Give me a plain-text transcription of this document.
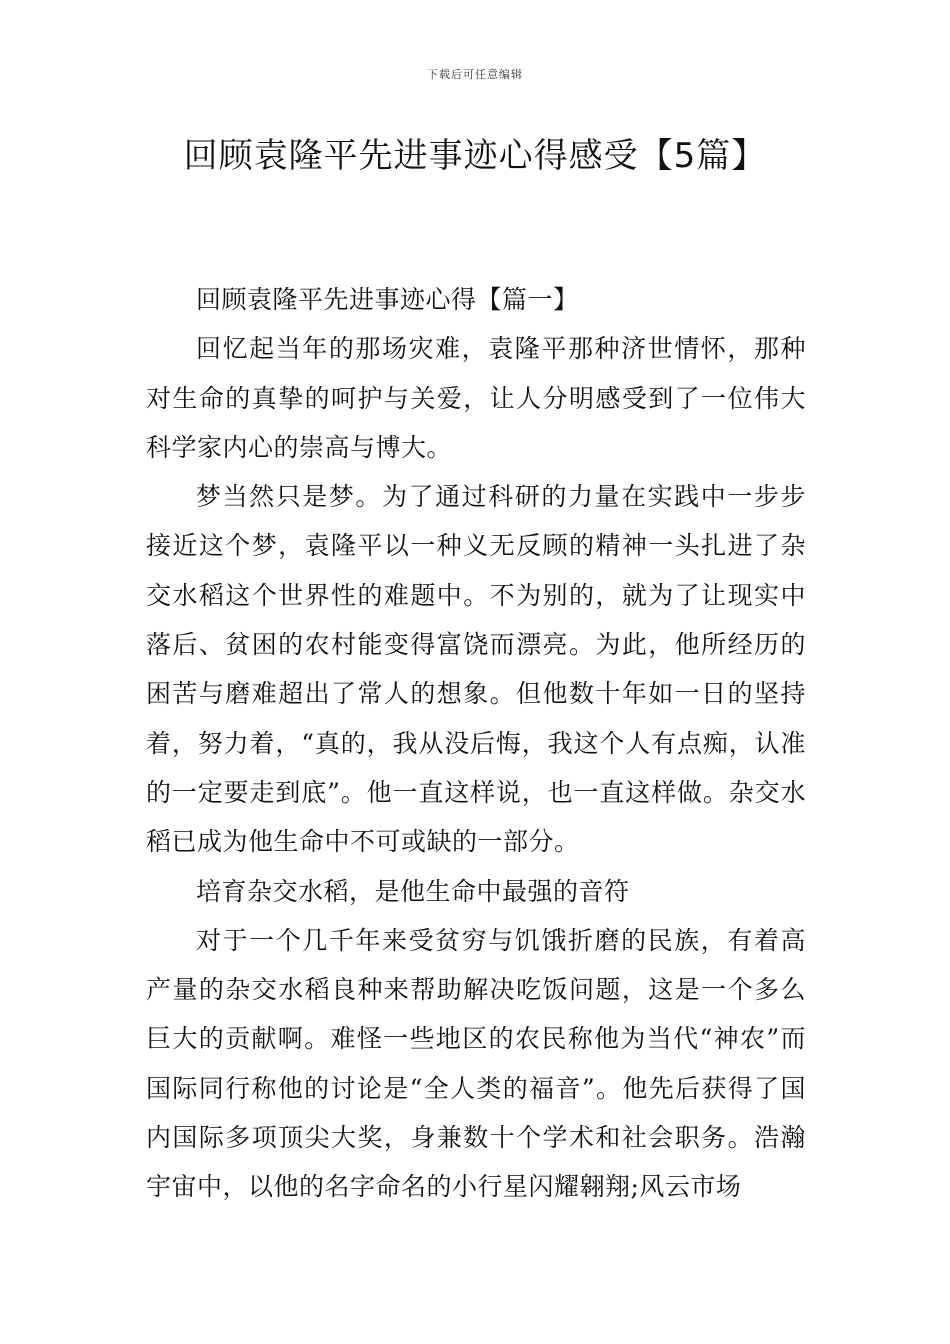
下载后可任意编辑
回顾袁隆平先进事迹心得感受【5篇】

回顾袁隆平先进事迹心得【篇一】

回忆起当年的那场灾难，袁隆平那种济世情怀，那种对生命的真挚的呵护与关爱，让人分明感受到了一位伟大科学家内心的崇高与博大。

梦当然只是梦。为了通过科研的力量在实践中一步步接近这个梦，袁隆平以一种义无反顾的精神一头扎进了杂交水稻这个世界性的难题中。不为别的，就为了让现实中落后、贫困的农村能变得富饶而漂亮。为此，他所经历的困苦与磨难超出了常人的想象。但他数十年如一日的坚持着，努力着，“真的，我从没后悔，我这个人有点痴，认准的一定要走到底”。他一直这样说，也一直这样做。杂交水稻已成为他生命中不可或缺的一部分。

培育杂交水稻，是他生命中最强的音符

对于一个几千年来受贫穷与饥饿折磨的民族，有着高产量的杂交水稻良种来帮助解决吃饭问题，这是一个多么巨大的贡献啊。难怪一些地区的农民称他为当代“神农”而国际同行称他的讨论是“全人类的福音”。他先后获得了国内国际多项顶尖大奖，身兼数十个学术和社会职务。浩瀚宇宙中，以他的名字命名的小行星闪耀翱翔;风云市场
